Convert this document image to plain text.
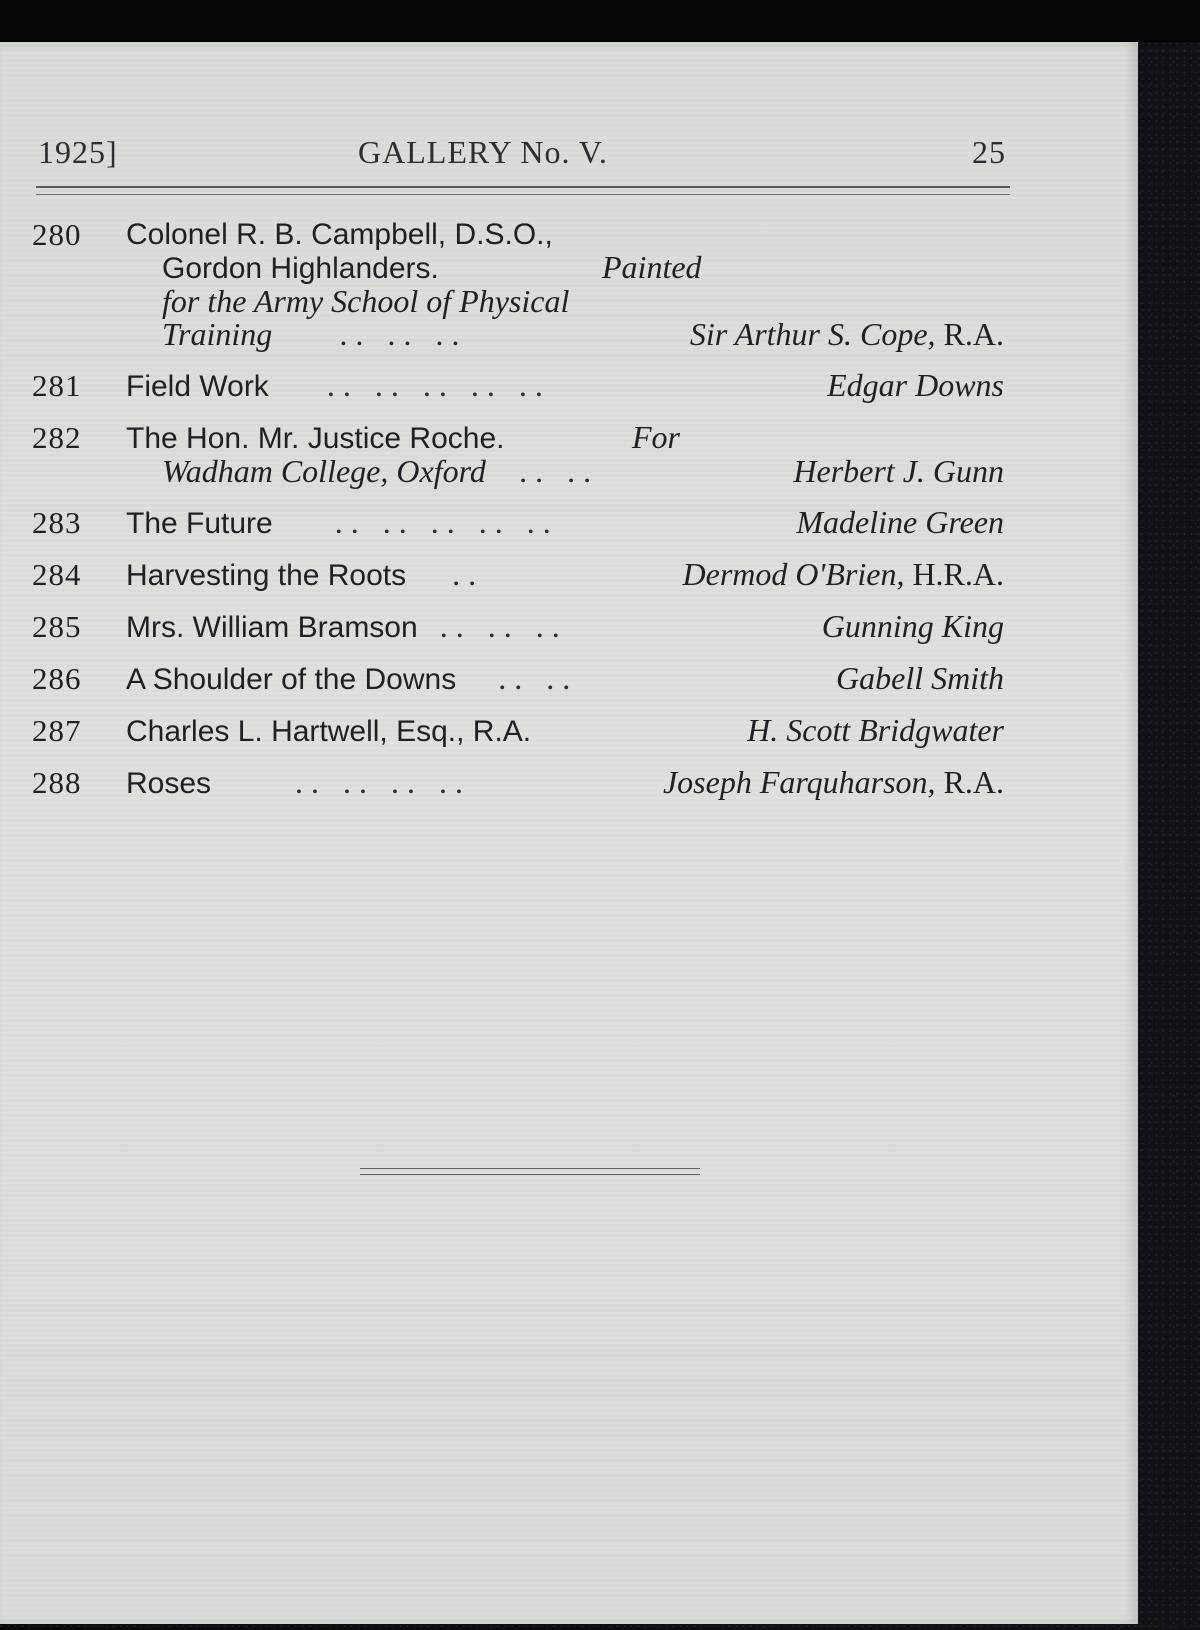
1925]	GALLERY No. V.	25
280	Colonel R. B. Campbell, D.S.O.,
Gordon Highlanders.	Painted
for the Army School of Physical
Training .. .. ..	Sir Arthur S. Cope, R.A.
281	Field Work .. .. .. .. ..	Edgar Downs
282	The Hon. Mr. Justice Roche.	For
Wadham College, Oxford .. ..	Herbert J. Gunn
283	The Future .. .. .. .. ..	Madeline Green
284	Harvesting the Roots ..	Dermod O'Brien, H.R.A.
285	Mrs. William Bramson .. .. ..	Gunning King
286	A Shoulder of the Downs .. ..	Gabell Smith
287	Charles L. Hartwell, Esq., R.A.	H. Scott Bridgwater
288	Roses	.. .. .. ..	Joseph Farquharson, R.A.
